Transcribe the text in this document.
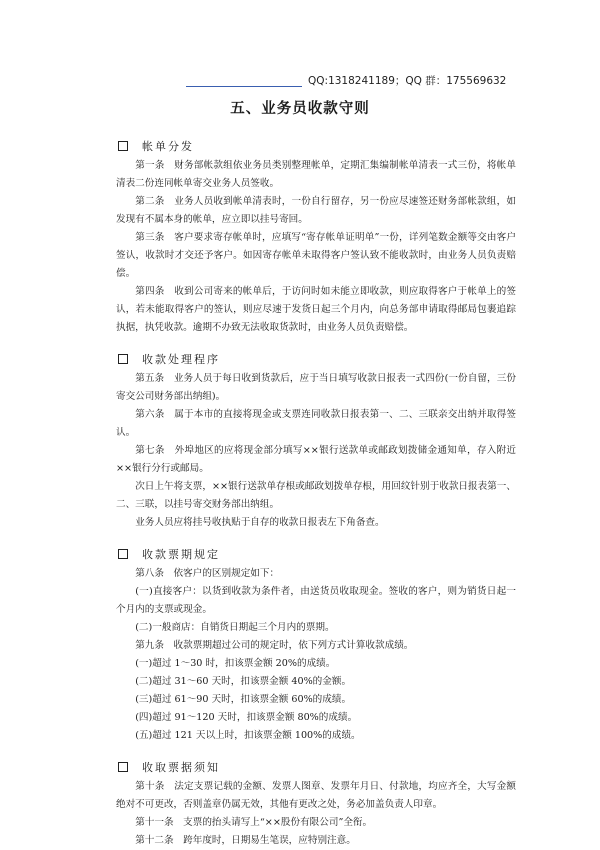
QQ:1318241189；QQ 群：175569632
五、业务员收款守则
帐单分发

第一条　财务部帐款组依业务员类别整理帐单，定期汇集编制帐单清表一式三份，将帐单清表二份连同帐单寄交业务人员签收。

第二条　业务人员收到帐单清表时，一份自行留存，另一份应尽速签还财务部帐款组，如发现有不属本身的帐单，应立即以挂号寄回。

第三条　客户要求寄存帐单时，应填写“寄存帐单证明单”一份，详列笔数金额等交由客户签认，收款时才交还予客户。如因寄存帐单未取得客户签认致不能收款时，由业务人员负责赔偿。

第四条　收到公司寄来的帐单后，于访问时如未能立即收款，则应取得客户于帐单上的签认，若未能取得客户的签认，则应尽速于发货日起三个月内，向总务部申请取得邮局包裹追踪执据，执凭收款。逾期不办致无法收取货款时，由业务人员负责赔偿。

收款处理程序

第五条　业务人员于每日收到货款后，应于当日填写收款日报表一式四份(一份自留，三份寄交公司财务部出纳组)。

第六条　属于本市的直接将现金或支票连同收款日报表第一、二、三联亲交出纳并取得签认。

第七条　外埠地区的应将现金部分填写××银行送款单或邮政划拨储金通知单，存入附近××银行分行或邮局。

次日上午将支票，××银行送款单存根或邮政划拨单存根，用回纹针别于收款日报表第一、二、三联，以挂号寄交财务部出纳组。

业务人员应将挂号收执贴于自存的收款日报表左下角备查。

收款票期规定

第八条　依客户的区别规定如下：

(一)直接客户：以货到收款为条件者，由送货员收取现金。签收的客户，则为销货日起一个月内的支票或现金。

(二)一般商店：自销货日期起三个月内的票期。

第九条　收款票期超过公司的规定时，依下列方式计算收款成绩。

(一)超过 1～30 时，扣该票金额 20%的成绩。

(二)超过 31～60 天时，扣该票金额 40%的金额。

(三)超过 61～90 天时，扣该票金额 60%的成绩。

(四)超过 91～120 天时，扣该票金额 80%的成绩。

(五)超过 121 天以上时，扣该票金额 100%的成绩。

收取票据须知

第十条　法定支票记载的金额、发票人图章、发票年月日、付款地，均应齐全，大写金额绝对不可更改，否则盖章仍属无效，其他有更改之处，务必加盖负责人印章。

第十一条　支票的抬头请写上“××股份有限公司”全衔。

第十二条　跨年度时，日期易生笔误，应特别注意。
